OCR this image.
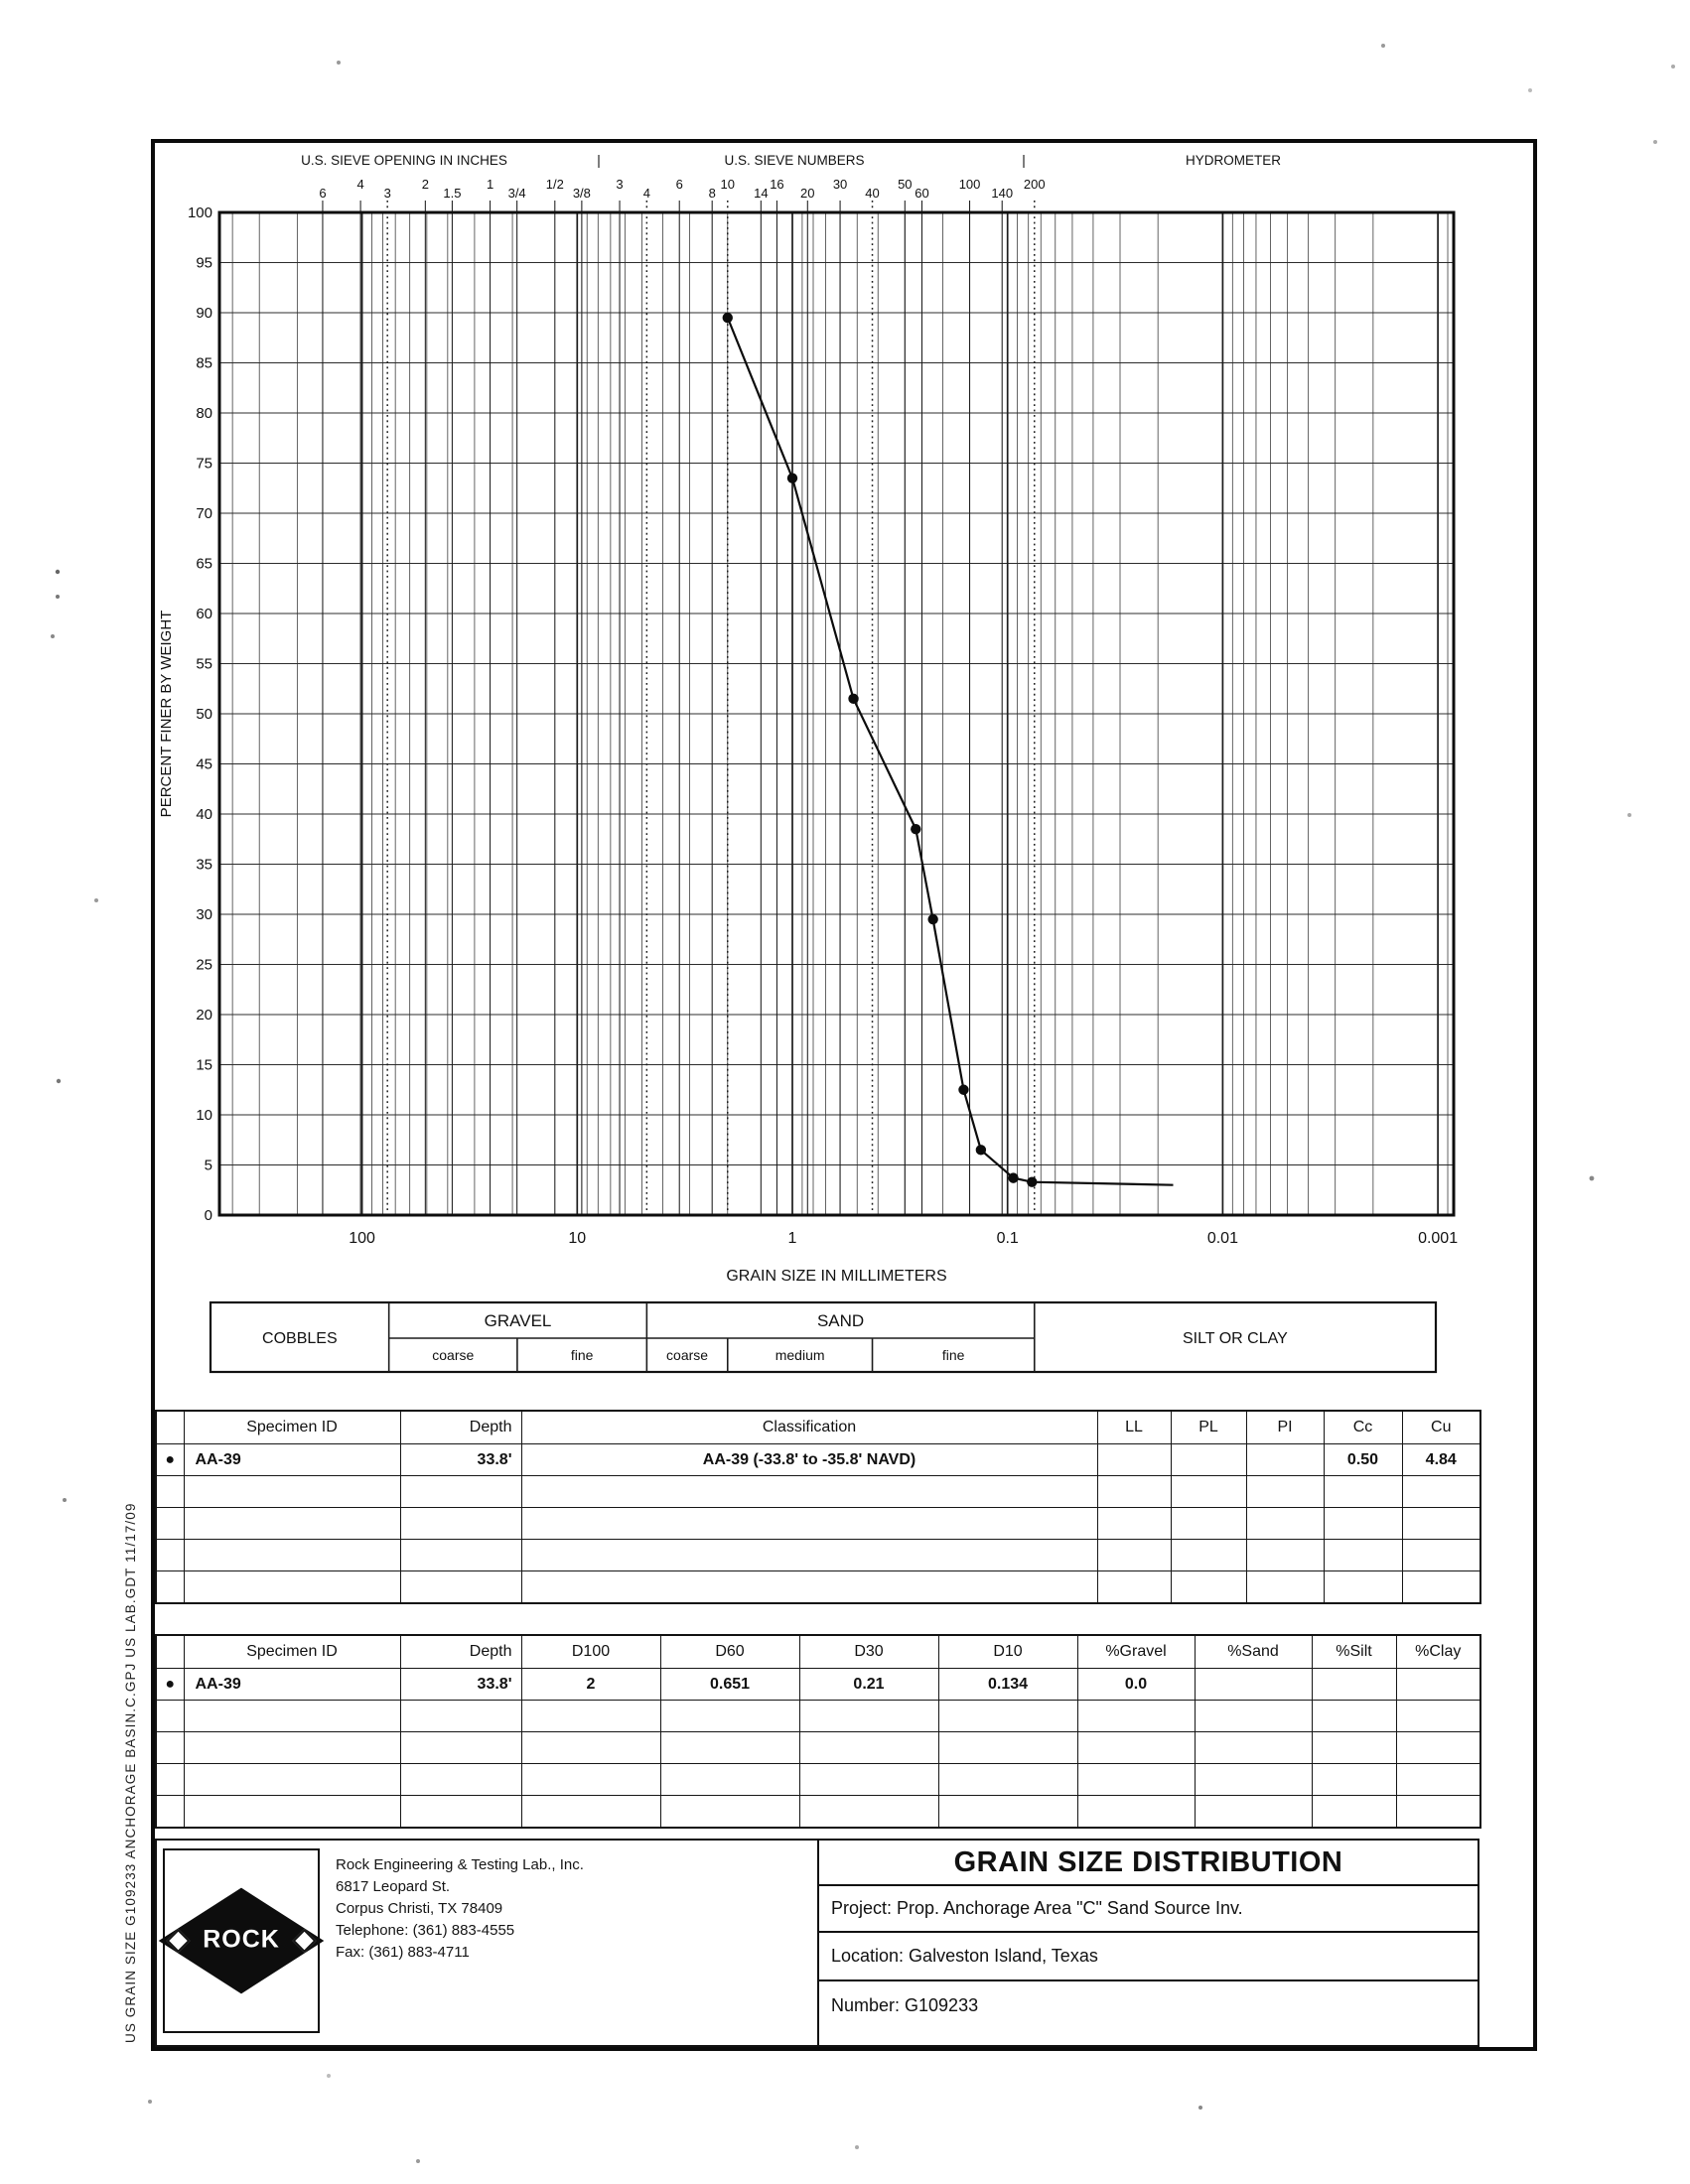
US GRAIN SIZE G109233 ANCHORAGE BASIN.C.GPJ US LAB.GDT 11/17/09
0
5
10
15
20
25
30
35
40
45
50
55
60
65
70
75
80
85
90
95
100
100	10	1	0.1	0.01	0.001
6
4
3
2
1.5
1
3/4
1/2
3/8
3
4
6
8
10
14
16
20
30
40
50
60
100
140
200
GRAIN SIZE IN MILLIMETERS
PERCENT FINER BY WEIGHT
U.S. SIEVE OPENING IN INCHES	U.S. SIEVE NUMBERS	HYDROMETER
|	|
COBBLES
GRAVEL
coarse	fine
SAND
coarse	medium	fine
SILT OR CLAY
	Specimen ID	Depth	Classification	LL	PL	PI	Cc	Cu
●	AA-39	33.8'	AA-39 (-33.8' to -35.8' NAVD)				0.50	4.84

	Specimen ID	Depth	D100	D60	D30	D10	%Gravel	%Sand	%Silt	%Clay
●	AA-39	33.8'	2	0.651	0.21	0.134	0.0			

ROCK
Rock Engineering & Testing Lab., Inc.
6817 Leopard St.
Corpus Christi, TX 78409
Telephone: (361) 883-4555
Fax: (361) 883-4711
GRAIN SIZE DISTRIBUTION
Project: Prop. Anchorage Area "C" Sand Source Inv.
Location: Galveston Island, Texas
Number: G109233
